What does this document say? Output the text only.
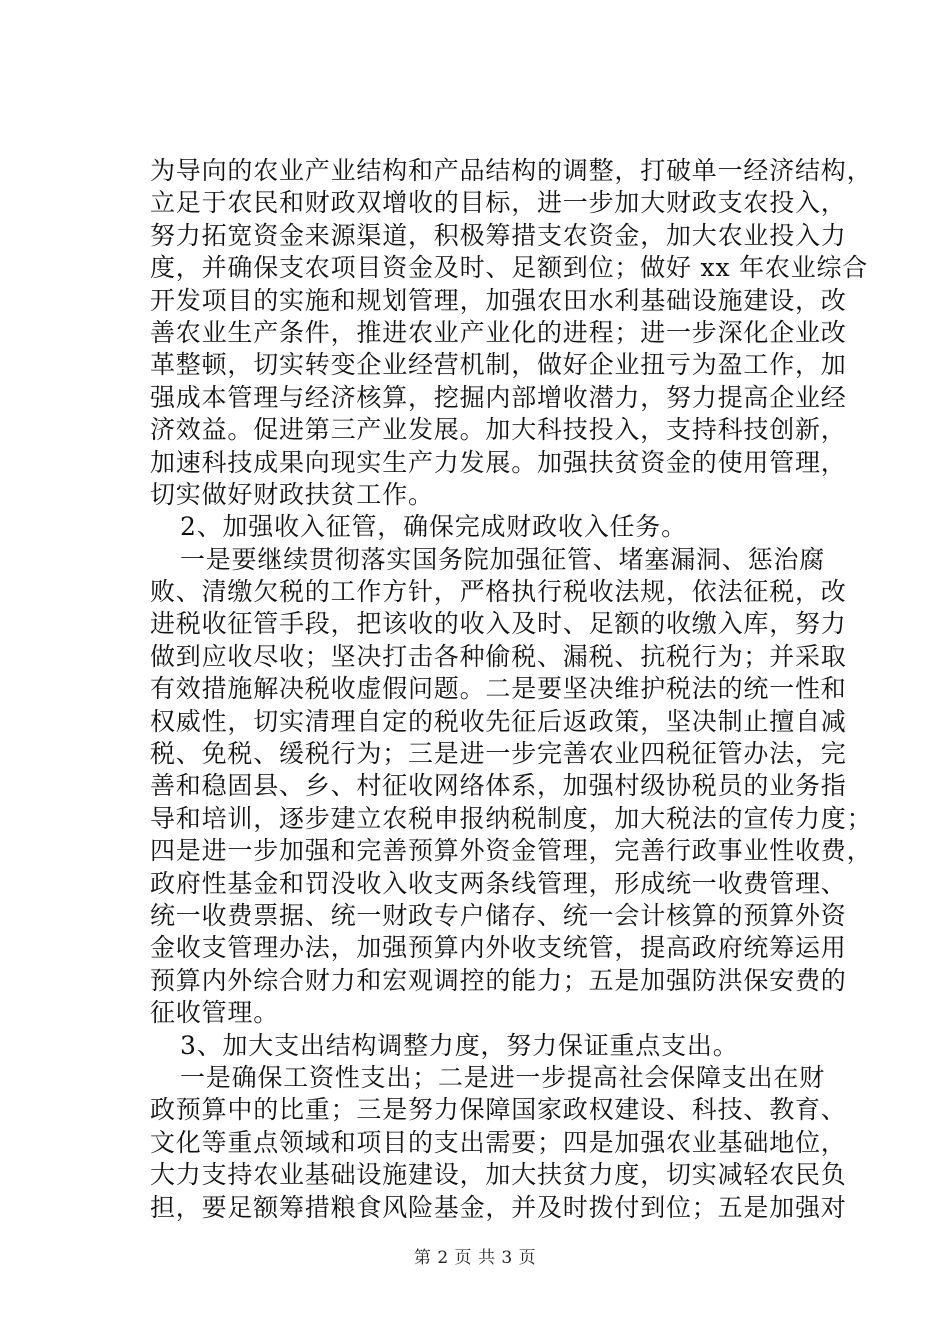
为导向的农业产业结构和产品结构的调整，打破单一经济结构，
立足于农民和财政双增收的目标，进一步加大财政支农投入，
努力拓宽资金来源渠道，积极筹措支农资金，加大农业投入力
度，并确保支农项目资金及时、足额到位；做好 xx 年农业综合
开发项目的实施和规划管理，加强农田水利基础设施建设，改
善农业生产条件，推进农业产业化的进程；进一步深化企业改
革整顿，切实转变企业经营机制，做好企业扭亏为盈工作，加
强成本管理与经济核算，挖掘内部增收潜力，努力提高企业经
济效益。促进第三产业发展。加大科技投入，支持科技创新，
加速科技成果向现实生产力发展。加强扶贫资金的使用管理，
切实做好财政扶贫工作。
2、加强收入征管，确保完成财政收入任务。
一是要继续贯彻落实国务院加强征管、堵塞漏洞、惩治腐
败、清缴欠税的工作方针，严格执行税收法规，依法征税，改
进税收征管手段，把该收的收入及时、足额的收缴入库，努力
做到应收尽收；坚决打击各种偷税、漏税、抗税行为；并采取
有效措施解决税收虚假问题。二是要坚决维护税法的统一性和
权威性，切实清理自定的税收先征后返政策，坚决制止擅自减
税、免税、缓税行为；三是进一步完善农业四税征管办法，完
善和稳固县、乡、村征收网络体系，加强村级协税员的业务指
导和培训，逐步建立农税申报纳税制度，加大税法的宣传力度；
四是进一步加强和完善预算外资金管理，完善行政事业性收费，
政府性基金和罚没收入收支两条线管理，形成统一收费管理、
统一收费票据、统一财政专户储存、统一会计核算的预算外资
金收支管理办法，加强预算内外收支统管，提高政府统筹运用
预算内外综合财力和宏观调控的能力；五是加强防洪保安费的
征收管理。
3、加大支出结构调整力度，努力保证重点支出。
一是确保工资性支出；二是进一步提高社会保障支出在财
政预算中的比重；三是努力保障国家政权建设、科技、教育、
文化等重点领域和项目的支出需要；四是加强农业基础地位，
大力支持农业基础设施建设，加大扶贫力度，切实减轻农民负
担，要足额筹措粮食风险基金，并及时拨付到位；五是加强对
第 2 页 共 3 页
